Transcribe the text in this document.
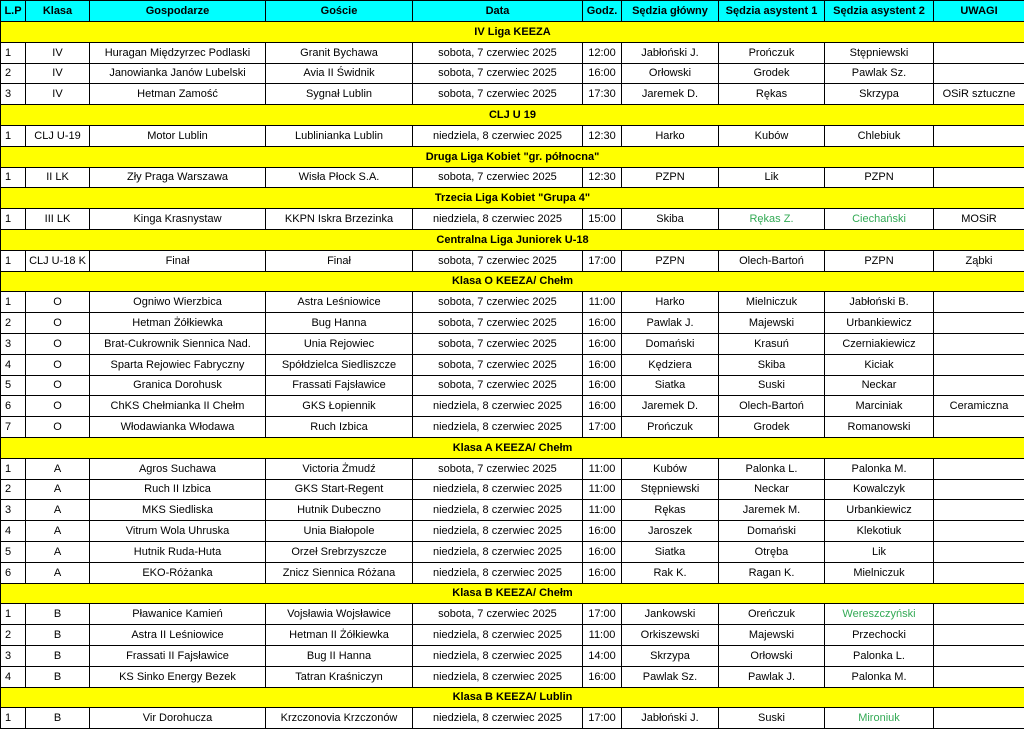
L.P	Klasa	Gospodarze	Goście	Data	Godz.	Sędzia główny	Sędzia asystent 1	Sędzia asystent 2	UWAGI
IV Liga KEEZA									
1	IV	Huragan Międzyrzec Podlaski	Granit Bychawa	sobota, 7 czerwiec 2025	12:00	Jabłoński J.	Prończuk	Stępniewski	
2	IV	Janowianka Janów Lubelski	Avia II Świdnik	sobota, 7 czerwiec 2025	16:00	Orłowski	Grodek	Pawlak Sz.	
3	IV	Hetman Zamość	Sygnał Lublin	sobota, 7 czerwiec 2025	17:30	Jaremek D.	Rękas	Skrzypa	OSiR sztuczne
CLJ U 19									
1	CLJ U-19	Motor Lublin	Lublinianka Lublin	niedziela, 8 czerwiec 2025	12:30	Harko	Kubów	Chlebiuk	
Druga Liga Kobiet "gr. północna"									
1	II LK	Zły Praga Warszawa	Wisła Płock S.A.	sobota, 7 czerwiec 2025	12:30	PZPN	Lik	PZPN	
Trzecia Liga Kobiet "Grupa 4"									
1	III LK	Kinga Krasnystaw	KKPN Iskra Brzezinka	niedziela, 8 czerwiec 2025	15:00	Skiba	Rękas Z.	Ciechański	MOSiR
Centralna Liga Juniorek U-18									
1	CLJ U-18 K	Finał	Finał	sobota, 7 czerwiec 2025	17:00	PZPN	Olech-Bartoń	PZPN	Ząbki
Klasa O KEEZA/ Chełm									
1	O	Ogniwo Wierzbica	Astra Leśniowice	sobota, 7 czerwiec 2025	11:00	Harko	Mielniczuk	Jabłoński B.	
2	O	Hetman Żółkiewka	Bug Hanna	sobota, 7 czerwiec 2025	16:00	Pawlak J.	Majewski	Urbankiewicz	
3	O	Brat-Cukrownik Siennica Nad.	Unia Rejowiec	sobota, 7 czerwiec 2025	16:00	Domański	Krasuń	Czerniakiewicz	
4	O	Sparta Rejowiec Fabryczny	Spółdzielca Siedliszcze	sobota, 7 czerwiec 2025	16:00	Kędziera	Skiba	Kiciak	
5	O	Granica Dorohusk	Frassati Fajsławice	sobota, 7 czerwiec 2025	16:00	Siatka	Suski	Neckar	
6	O	ChKS Chełmianka II Chełm	GKS Łopiennik	niedziela, 8 czerwiec 2025	16:00	Jaremek D.	Olech-Bartoń	Marciniak	Ceramiczna
7	O	Włodawianka Włodawa	Ruch Izbica	niedziela, 8 czerwiec 2025	17:00	Prończuk	Grodek	Romanowski	
Klasa A KEEZA/ Chełm									
1	A	Agros Suchawa	Victoria Żmudź	sobota, 7 czerwiec 2025	11:00	Kubów	Palonka L.	Palonka M.	
2	A	Ruch II Izbica	GKS Start-Regent	niedziela, 8 czerwiec 2025	11:00	Stępniewski	Neckar	Kowalczyk	
3	A	MKS Siedliska	Hutnik Dubeczno	niedziela, 8 czerwiec 2025	11:00	Rękas	Jaremek M.	Urbankiewicz	
4	A	Vitrum Wola Uhruska	Unia Białopole	niedziela, 8 czerwiec 2025	16:00	Jaroszek	Domański	Klekotiuk	
5	A	Hutnik Ruda-Huta	Orzeł Srebrzyszcze	niedziela, 8 czerwiec 2025	16:00	Siatka	Otręba	Lik	
6	A	EKO-Różanka	Znicz Siennica Różana	niedziela, 8 czerwiec 2025	16:00	Rak K.	Ragan K.	Mielniczuk	
Klasa B KEEZA/ Chełm									
1	B	Pławanice Kamień	Vojsławia Wojsławice	sobota, 7 czerwiec 2025	17:00	Jankowski	Oreńczuk	Wereszczyński	
2	B	Astra II Leśniowice	Hetman II Żółkiewka	niedziela, 8 czerwiec 2025	11:00	Orkiszewski	Majewski	Przechocki	
3	B	Frassati II Fajsławice	Bug II Hanna	niedziela, 8 czerwiec 2025	14:00	Skrzypa	Orłowski	Palonka L.	
4	B	KS Sinko Energy Bezek	Tatran Kraśniczyn	niedziela, 8 czerwiec 2025	16:00	Pawlak Sz.	Pawlak J.	Palonka M.	
Klasa B KEEZA/ Lublin									
1	B	Vir Dorohucza	Krzczonovia Krzczonów	niedziela, 8 czerwiec 2025	17:00	Jabłoński J.	Suski	Mironiuk	
